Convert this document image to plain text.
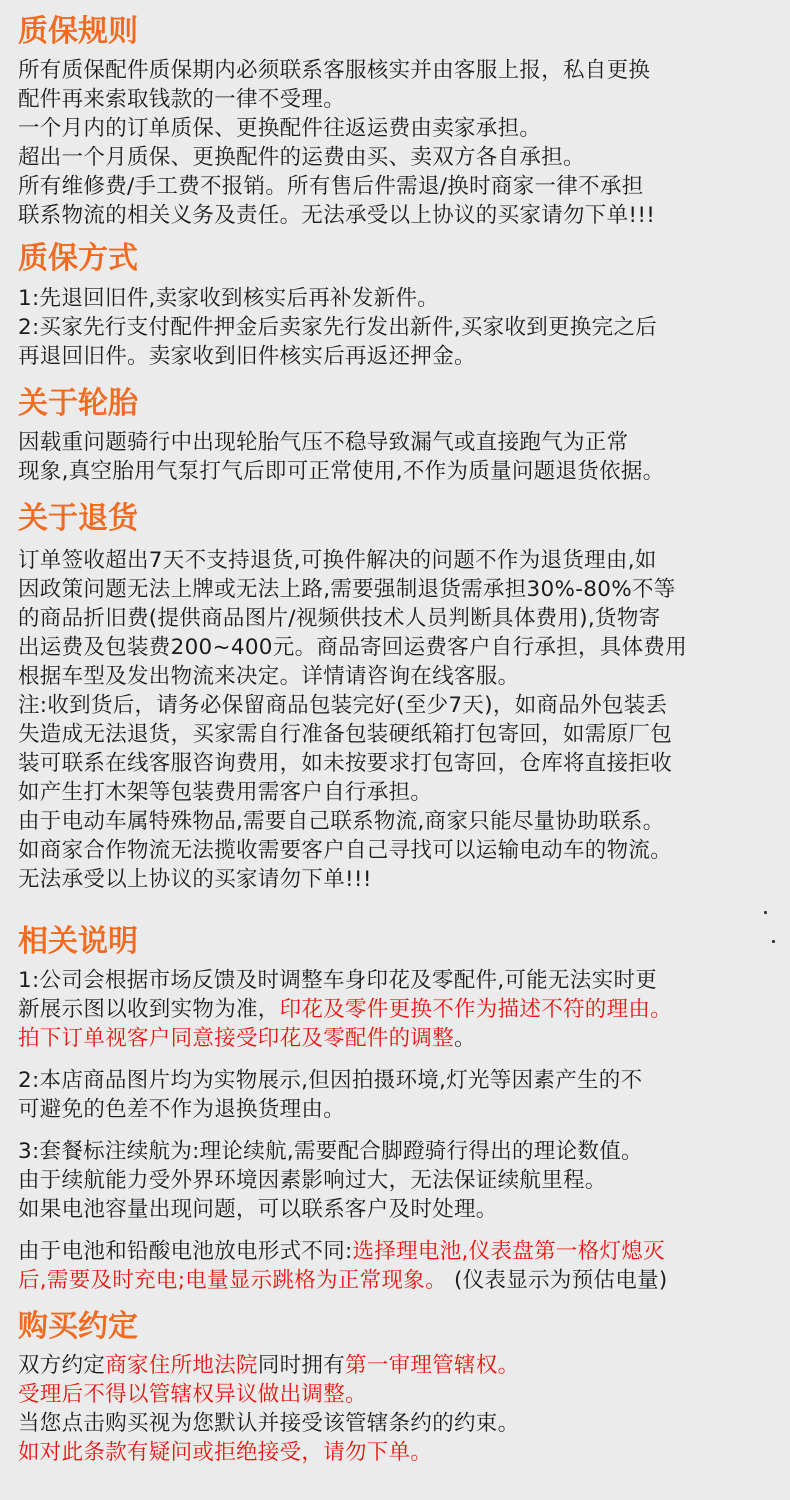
质保规则
所有质保配件质保期内必须联系客服核实并由客服上报，私自更换
配件再来索取钱款的一律不受理。
一个月内的订单质保、更换配件往返运费由卖家承担。
超出一个月质保、更换配件的运费由买、卖双方各自承担。
所有维修费/手工费不报销。所有售后件需退/换时商家一律不承担
联系物流的相关义务及责任。无法承受以上协议的买家请勿下单!!!
质保方式
1:先退回旧件,卖家收到核实后再补发新件。
2:买家先行支付配件押金后卖家先行发出新件,买家收到更换完之后
再退回旧件。卖家收到旧件核实后再返还押金。
关于轮胎
因载重问题骑行中出现轮胎气压不稳导致漏气或直接跑气为正常
现象,真空胎用气泵打气后即可正常使用,不作为质量问题退货依据。
关于退货
订单签收超出7天不支持退货,可换件解决的问题不作为退货理由,如
因政策问题无法上牌或无法上路,需要强制退货需承担30%-80%不等
的商品折旧费(提供商品图片/视频供技术人员判断具体费用),货物寄
出运费及包装费200~400元。商品寄回运费客户自行承担，具体费用
根据车型及发出物流来决定。详情请咨询在线客服。
注:收到货后，请务必保留商品包装完好(至少7天)，如商品外包装丢
失造成无法退货，买家需自行准备包装硬纸箱打包寄回，如需原厂包
装可联系在线客服咨询费用，如未按要求打包寄回，仓库将直接拒收
如产生打木架等包装费用需客户自行承担。
由于电动车属特殊物品,需要自己联系物流,商家只能尽量协助联系。
如商家合作物流无法揽收需要客户自己寻找可以运输电动车的物流。
无法承受以上协议的买家请勿下单!!!
相关说明
1:公司会根据市场反馈及时调整车身印花及零配件,可能无法实时更
新展示图以收到实物为准，印花及零件更换不作为描述不符的理由。
拍下订单视客户同意接受印花及零配件的调整。
2:本店商品图片均为实物展示,但因拍摄环境,灯光等因素产生的不
可避免的色差不作为退换货理由。
3:套餐标注续航为:理论续航,需要配合脚蹬骑行得出的理论数值。
由于续航能力受外界环境因素影响过大，无法保证续航里程。
如果电池容量出现问题，可以联系客户及时处理。
由于电池和铅酸电池放电形式不同:选择理电池,仪表盘第一格灯熄灭
后,需要及时充电;电量显示跳格为正常现象。 (仪表显示为预估电量)
购买约定
双方约定商家住所地法院同时拥有第一审理管辖权。
受理后不得以管辖权异议做出调整。
当您点击购买视为您默认并接受该管辖条约的约束。
如对此条款有疑问或拒绝接受，请勿下单。
